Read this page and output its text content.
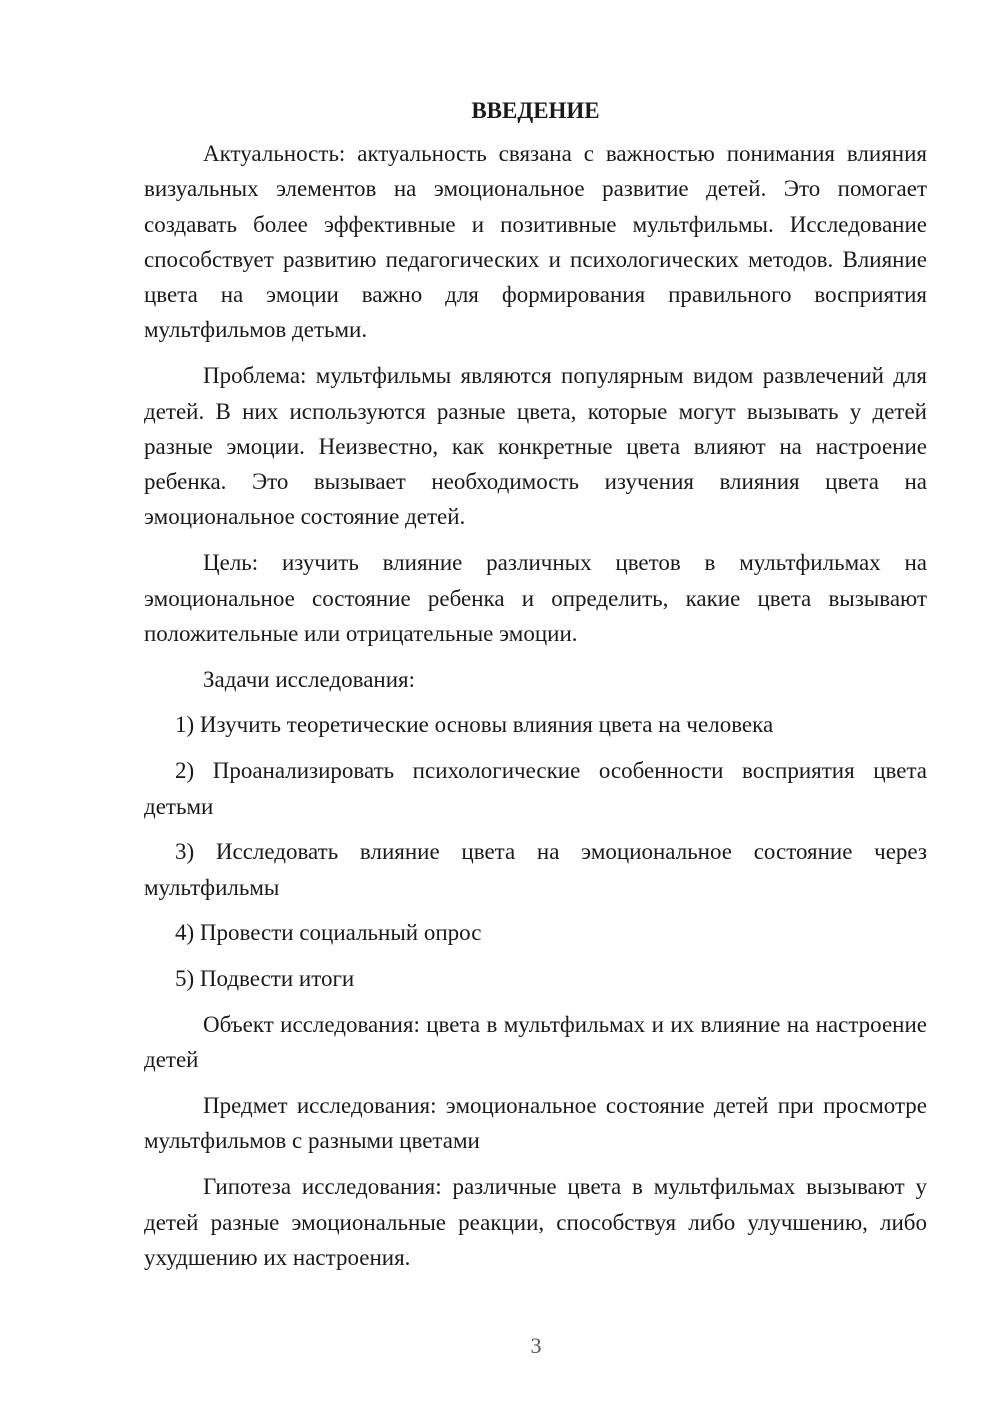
ВВЕДЕНИЕ

Актуальность: актуальность связана с важностью понимания влияния визуальных элементов на эмоциональное развитие детей. Это помогает создавать более эффективные и позитивные мультфильмы. Исследование способствует развитию педагогических и психологических методов. Влияние цвета на эмоции важно для формирования правильного восприятия мультфильмов детьми.

Проблема: мультфильмы являются популярным видом развлечений для детей. В них используются разные цвета, которые могут вызывать у детей разные эмоции. Неизвестно, как конкретные цвета влияют на настроение ребенка. Это вызывает необходимость изучения влияния цвета на эмоциональное состояние детей.

Цель: изучить влияние различных цветов в мультфильмах на эмоциональное состояние ребенка и определить, какие цвета вызывают положительные или отрицательные эмоции.

Задачи исследования:

1) Изучить теоретические основы влияния цвета на человека

2) Проанализировать психологические особенности восприятия цвета детьми

3) Исследовать влияние цвета на эмоциональное состояние через мультфильмы

4) Провести социальный опрос

5) Подвести итоги

Объект исследования: цвета в мультфильмах и их влияние на настроение детей

Предмет исследования: эмоциональное состояние детей при просмотре мультфильмов с разными цветами

Гипотеза исследования: различные цвета в мультфильмах вызывают у детей разные эмоциональные реакции, способствуя либо улучшению, либо ухудшению их настроения.

3
